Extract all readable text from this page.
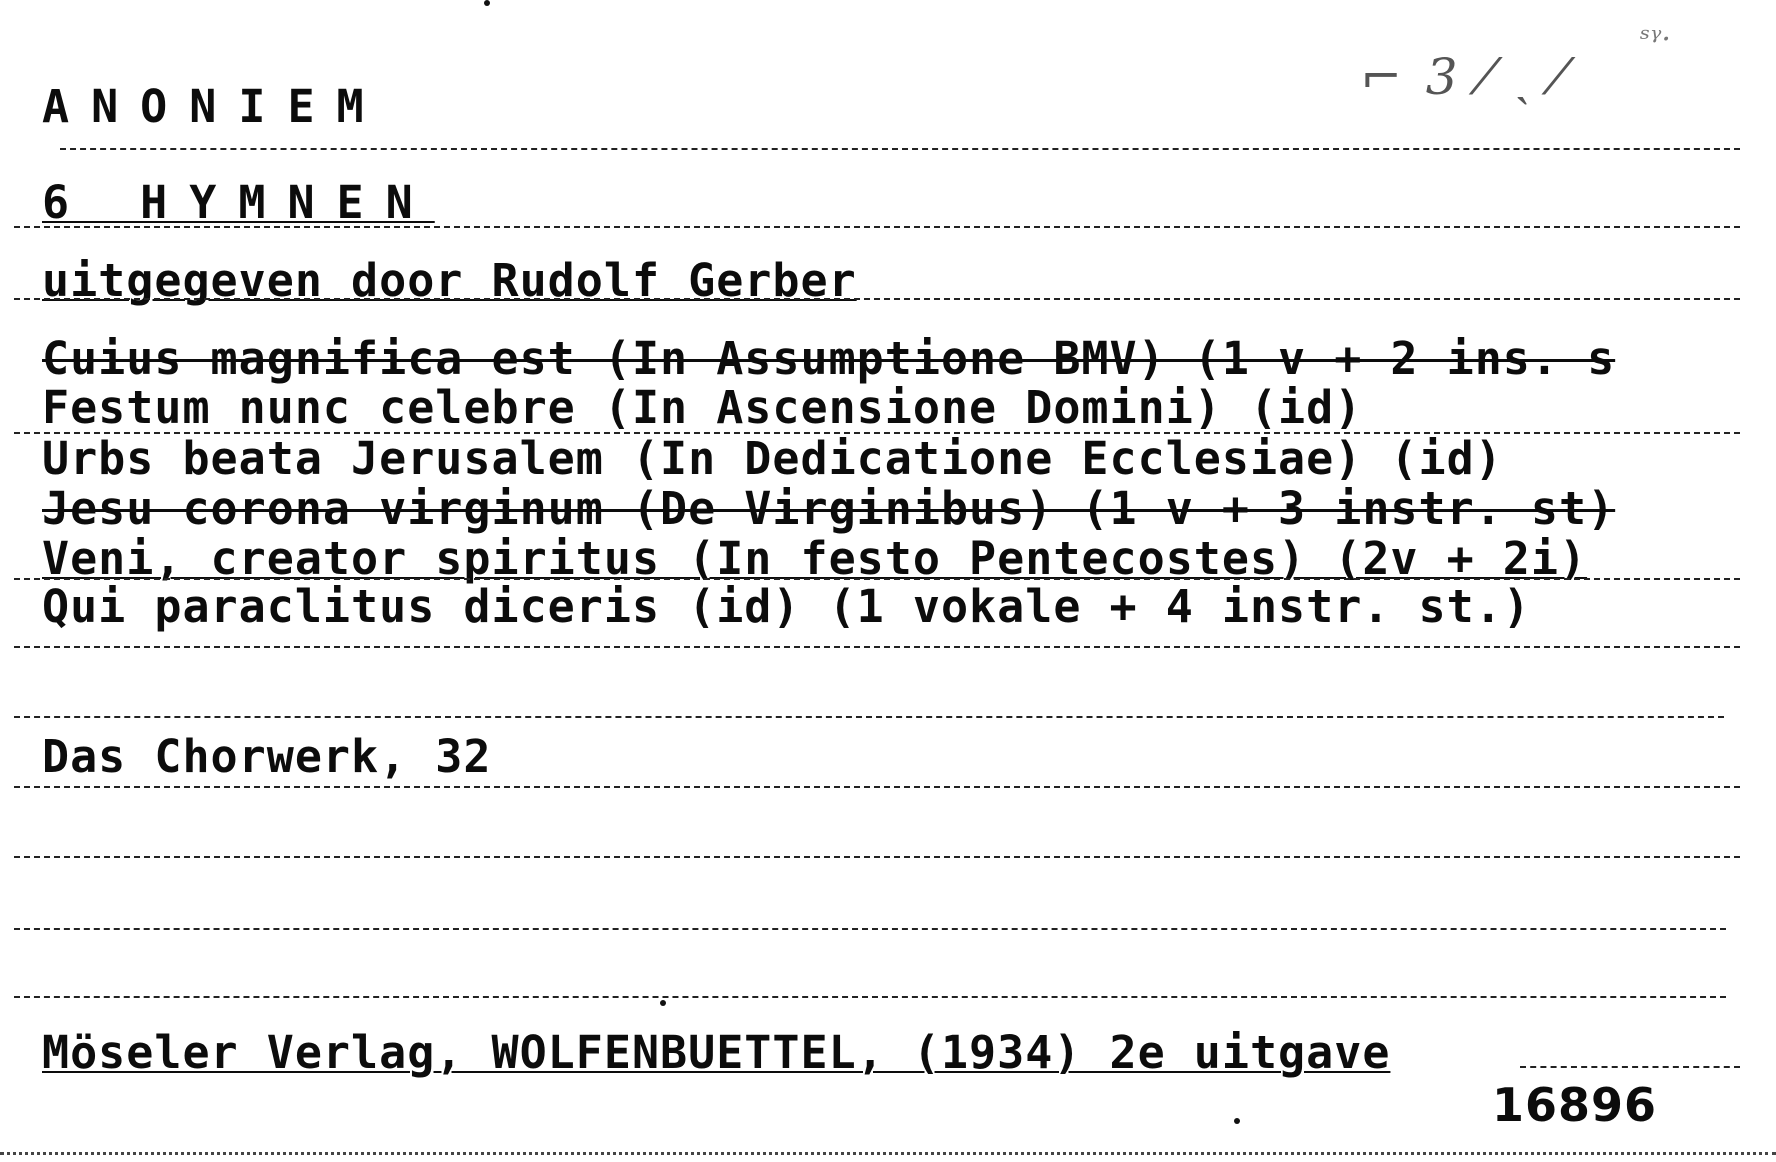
⌐ 3 ⁄ ˎ ⁄
ˢᵞ·
ANONIEM
6 HYMNEN
uitgegeven door Rudolf Gerber
Cuius magnifica est (In Assumptione BMV) (1 v + 2 ins. s
Festum nunc celebre (In Ascensione Domini) (id)
Urbs beata Jerusalem (In Dedicatione Ecclesiae) (id)
Jesu corona virginum (De Virginibus) (1 v + 3 instr. st)
Veni, creator spiritus (In festo Pentecostes) (2v + 2i)
Qui paraclitus diceris (id) (1 vokale + 4 instr. st.)
Das Chorwerk, 32
Möseler Verlag, WOLFENBUETTEL, (1934) 2e uitgave
16896
